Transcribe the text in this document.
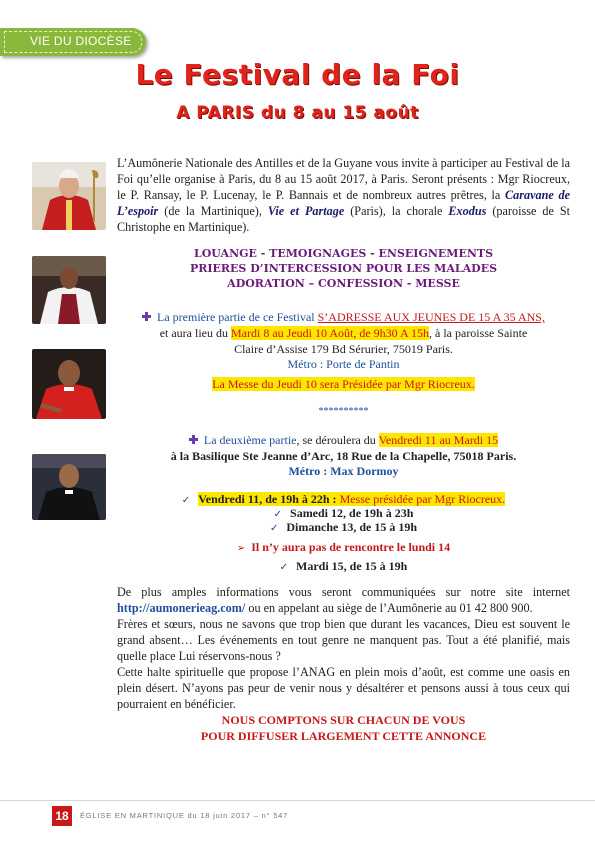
VIE DU DIOCÈSE
Le Festival de la Foi
A PARIS du 8 au 15 août
L’Aumônerie Nationale des Antilles et de la Guyane vous invite à participer au Festival de la Foi qu’elle organise à Paris, du 8 au 15 août 2017, à Paris. Seront présents : Mgr Riocreux, le P. Ransay, le P. Lucenay, le P. Bannais et de nombreux autres prêtres, la Caravane de L’espoir (de la Martinique), Vie et Partage (Paris), la chorale Exodus (paroisse de St Christophe en Martinique).
LOUANGE - TEMOIGNAGES - ENSEIGNEMENTS
PRIERES D’INTERCESSION POUR LES MALADES
ADORATION – CONFESSION - MESSE
La première partie de ce Festival S’ADRESSE AUX JEUNES DE 15 A 35 ANS,
et aura lieu du Mardi 8 au Jeudi 10 Août, de 9h30 A 15h, à la paroisse Sainte
Claire d’Assise 179 Bd Sérurier, 75019 Paris.
Métro : Porte de Pantin
La Messe du Jeudi 10 sera Présidée par Mgr Riocreux.
**********
La deuxième partie, se déroulera du Vendredi 11 au Mardi 15
à la Basilique Ste Jeanne d’Arc, 18 Rue de la Chapelle, 75018 Paris.
Métro : Max Dormoy
✓ Vendredi 11, de 19h à 22h : Messe présidée par Mgr Riocreux.
✓ Samedi 12, de 19h à 23h
✓ Dimanche 13, de 15 à 19h
➢ Il n’y aura pas de rencontre le lundi 14
✓ Mardi 15, de 15 à 19h
De plus amples informations vous seront communiquées sur notre site internet http://aumonerieag.com/ ou en appelant au siège de l’Aumônerie au 01 42 800 900.
Frères et sœurs, nous ne savons que trop bien que durant les vacances, Dieu est souvent le grand absent… Les événements en tout genre ne manquent pas. Tout a été planifié, mais quelle place Lui réservons-nous ?
Cette halte spirituelle que propose l’ANAG en plein mois d’août, est comme une oasis en plein désert. N’ayons pas peur de venir nous y désaltérer et pensons aussi à tous ceux qui pourraient en bénéficier.
NOUS COMPTONS SUR CHACUN DE VOUS
POUR DIFFUSER LARGEMENT CETTE ANNONCE
18	ÉGLISE EN MARTINIQUE du 18 juin 2017 – n° 547
